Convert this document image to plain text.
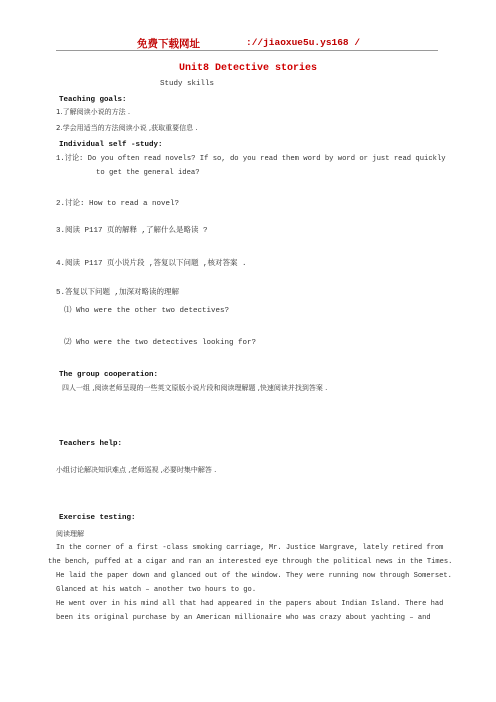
免费下载网址	://jiaoxue5u.ys168 /
Unit8 Detective stories
Study skills
Teaching goals:
1.了解阅读小说的方法 .
2.学会用适当的方法阅读小说 ,获取重要信息 .
Individual self -study:
1.讨论: Do you often read novels? If so, do you read them word by word or just read quickly
to get the general idea?
2.讨论: How to read a novel?
3.阅读 P117 页的解释 ,了解什么是略读 ?
4.阅读 P117 页小说片段 ,答复以下问题 ,核对答案 .
5.答复以下问题 ,加深对略读的理解
⑴ Who were the other two detectives?
⑵ Who were the two detectives looking for?
The group cooperation:
四人一组 ,阅读老师呈现的一些英文原版小说片段和阅读理解题 ,快速阅读并找到答案 .
Teachers help:
小组讨论解决知识难点 ,老师巡视 ,必要时集中解答 .
Exercise testing:
阅读理解
In the corner of a first -class smoking carriage, Mr. Justice Wargrave, lately retired from
the bench, puffed at a cigar and ran an interested eye through the political news in the Times.
He laid the paper down and glanced out of the window. They were running now through Somerset.
Glanced at his watch – another two hours to go.
He went over in his mind all that had appeared in the papers about Indian Island. There had
been its original purchase by an American millionaire who was crazy about yachting – and
